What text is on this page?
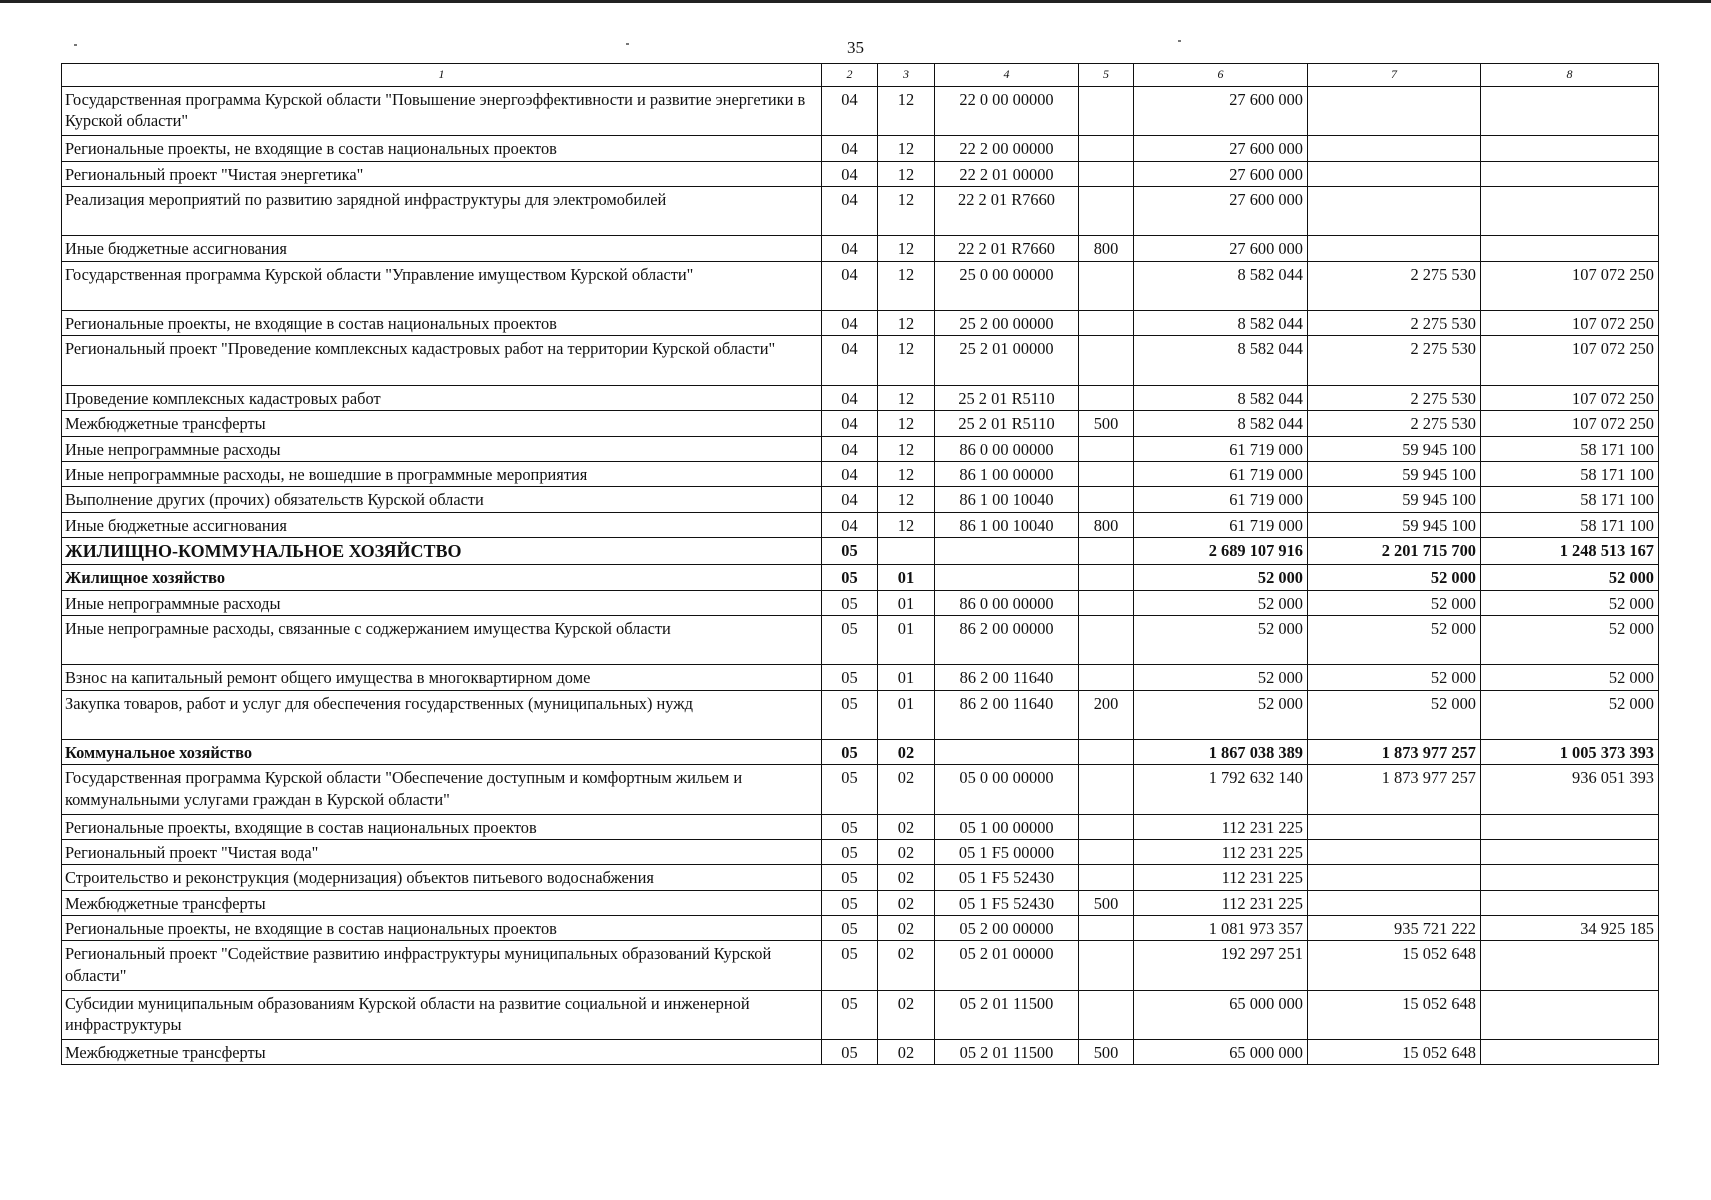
35
1	2	3	4	5	6	7	8
Государственная программа Курской области "Повышение энергоэффективности и развитие энергетики в Курской области"	04	12	22 0 00 00000		27 600 000		
Региональные проекты, не входящие в состав национальных проектов	04	12	22 2 00 00000		27 600 000		
Региональный проект "Чистая энергетика"	04	12	22 2 01 00000		27 600 000		
Реализация мероприятий по развитию зарядной инфраструктуры для электромобилей	04	12	22 2 01 R7660		27 600 000		
Иные бюджетные ассигнования	04	12	22 2 01 R7660	800	27 600 000		
Государственная программа Курской области "Управление имуществом Курской области"	04	12	25 0 00 00000		8 582 044	2 275 530	107 072 250
Региональные проекты, не входящие в состав национальных проектов	04	12	25 2 00 00000		8 582 044	2 275 530	107 072 250
Региональный проект "Проведение комплексных кадастровых работ на территории Курской области"	04	12	25 2 01 00000		8 582 044	2 275 530	107 072 250
Проведение комплексных кадастровых работ	04	12	25 2 01 R5110		8 582 044	2 275 530	107 072 250
Межбюджетные трансферты	04	12	25 2 01 R5110	500	8 582 044	2 275 530	107 072 250
Иные непрограммные расходы	04	12	86 0 00 00000		61 719 000	59 945 100	58 171 100
Иные непрограммные расходы, не вошедшие в программные мероприятия	04	12	86 1 00 00000		61 719 000	59 945 100	58 171 100
Выполнение других (прочих) обязательств Курской области	04	12	86 1 00 10040		61 719 000	59 945 100	58 171 100
Иные бюджетные ассигнования	04	12	86 1 00 10040	800	61 719 000	59 945 100	58 171 100
ЖИЛИЩНО-КОММУНАЛЬНОЕ ХОЗЯЙСТВО	05				2 689 107 916	2 201 715 700	1 248 513 167
Жилищное хозяйство	05	01			52 000	52 000	52 000
Иные непрограммные расходы	05	01	86 0 00 00000		52 000	52 000	52 000
Иные непрограмные расходы, связанные с соджержанием имущества Курской области	05	01	86 2 00 00000		52 000	52 000	52 000
Взнос на капитальный ремонт общего имущества в многоквартирном доме	05	01	86 2 00 11640		52 000	52 000	52 000
Закупка товаров, работ и услуг для обеспечения государственных (муниципальных) нужд	05	01	86 2 00 11640	200	52 000	52 000	52 000
Коммунальное хозяйство	05	02			1 867 038 389	1 873 977 257	1 005 373 393
Государственная программа Курской области "Обеспечение доступным и комфортным жильем и коммунальными услугами граждан в Курской области"	05	02	05 0 00 00000		1 792 632 140	1 873 977 257	936 051 393
Региональные проекты, входящие в состав национальных проектов	05	02	05 1 00 00000		112 231 225		
Региональный проект "Чистая вода"	05	02	05 1 F5 00000		112 231 225		
Строительство и реконструкция (модернизация) объектов питьевого водоснабжения	05	02	05 1 F5 52430		112 231 225		
Межбюджетные трансферты	05	02	05 1 F5 52430	500	112 231 225		
Региональные проекты, не входящие в состав национальных проектов	05	02	05 2 00 00000		1 081 973 357	935 721 222	34 925 185
Региональный проект "Содействие развитию инфраструктуры муниципальных образований Курской области"	05	02	05 2 01 00000		192 297 251	15 052 648	
Субсидии муниципальным образованиям Курской области на развитие социальной и инженерной инфраструктуры	05	02	05 2 01 11500		65 000 000	15 052 648	
Межбюджетные трансферты	05	02	05 2 01 11500	500	65 000 000	15 052 648	
